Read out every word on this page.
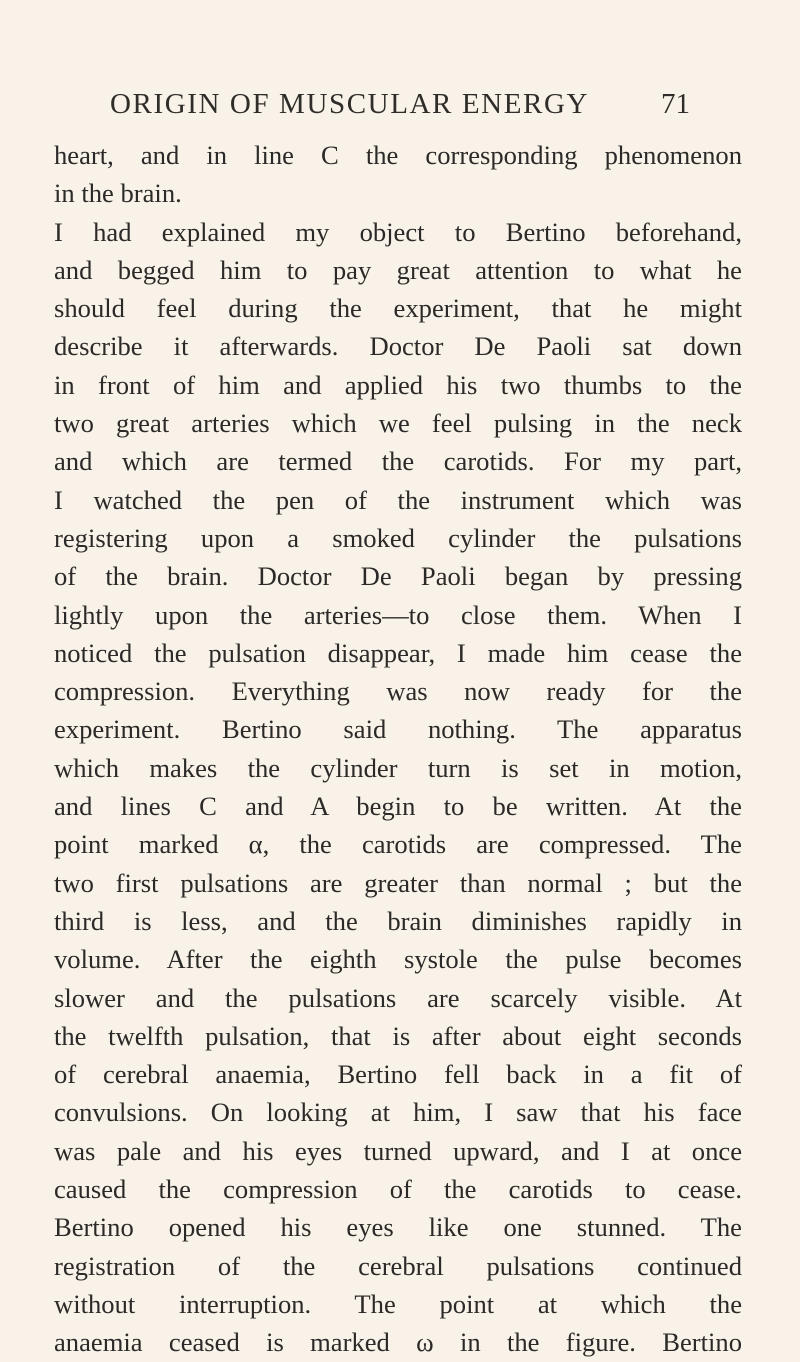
ORIGIN OF MUSCULAR ENERGY 71
heart, and in line C the corresponding phenomenon
in the brain.
I had explained my object to Bertino beforehand,
and begged him to pay great attention to what he
should feel during the experiment, that he might
describe it afterwards. Doctor De Paoli sat down
in front of him and applied his two thumbs to the
two great arteries which we feel pulsing in the neck
and which are termed the carotids. For my part,
I watched the pen of the instrument which was
registering upon a smoked cylinder the pulsations
of the brain. Doctor De Paoli began by pressing
lightly upon the arteries—to close them. When I
noticed the pulsation disappear, I made him cease the
compression. Everything was now ready for the
experiment. Bertino said nothing. The apparatus
which makes the cylinder turn is set in motion,
and lines C and A begin to be written. At the
point marked α, the carotids are compressed. The
two first pulsations are greater than normal ; but the
third is less, and the brain diminishes rapidly in
volume. After the eighth systole the pulse becomes
slower and the pulsations are scarcely visible. At
the twelfth pulsation, that is after about eight seconds
of cerebral anaemia, Bertino fell back in a fit of
convulsions. On looking at him, I saw that his face
was pale and his eyes turned upward, and I at once
caused the compression of the carotids to cease.
Bertino opened his eyes like one stunned. The
registration of the cerebral pulsations continued
without interruption. The point at which the
anaemia ceased is marked ω in the figure. Bertino
